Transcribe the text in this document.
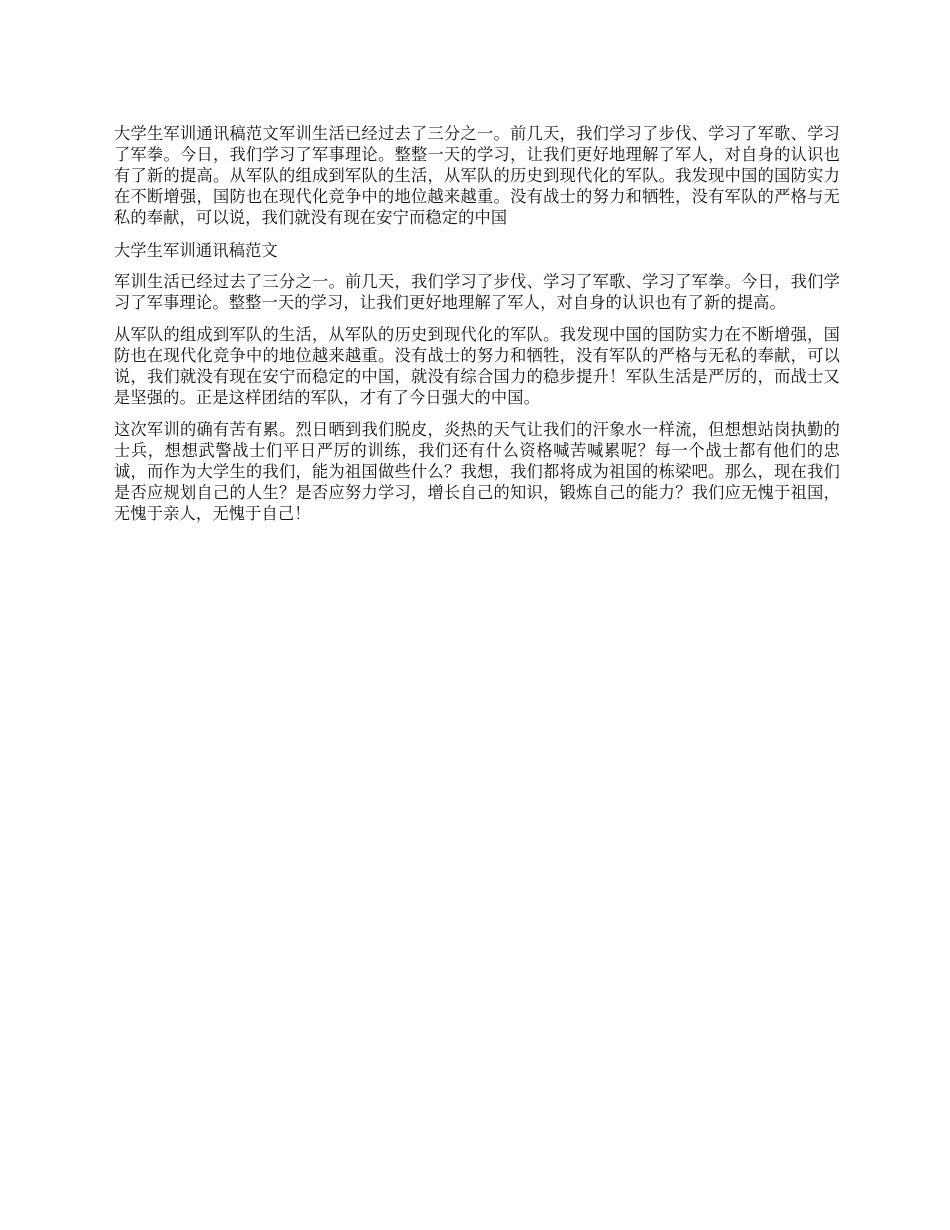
大学生军训通讯稿范文军训生活已经过去了三分之一。前几天，我们学习了步伐、学习了军歌、学习了军拳。今日，我们学习了军事理论。整整一天的学习，让我们更好地理解了军人，对自身的认识也有了新的提高。从军队的组成到军队的生活，从军队的历史到现代化的军队。我发现中国的国防实力在不断增强，国防也在现代化竞争中的地位越来越重。没有战士的努力和牺牲，没有军队的严格与无私的奉献，可以说，我们就没有现在安宁而稳定的中国

大学生军训通讯稿范文

军训生活已经过去了三分之一。前几天，我们学习了步伐、学习了军歌、学习了军拳。今日，我们学习了军事理论。整整一天的学习，让我们更好地理解了军人，对自身的认识也有了新的提高。

从军队的组成到军队的生活，从军队的历史到现代化的军队。我发现中国的国防实力在不断增强，国防也在现代化竞争中的地位越来越重。没有战士的努力和牺牲，没有军队的严格与无私的奉献，可以说，我们就没有现在安宁而稳定的中国，就没有综合国力的稳步提升！军队生活是严厉的，而战士又是坚强的。正是这样团结的军队，才有了今日强大的中国。

这次军训的确有苦有累。烈日晒到我们脱皮，炎热的天气让我们的汗象水一样流，但想想站岗执勤的士兵，想想武警战士们平日严厉的训练，我们还有什么资格喊苦喊累呢？每一个战士都有他们的忠诚，而作为大学生的我们，能为祖国做些什么？我想，我们都将成为祖国的栋梁吧。那么，现在我们是否应规划自己的人生？是否应努力学习，增长自己的知识，锻炼自己的能力？我们应无愧于祖国，无愧于亲人，无愧于自己！
